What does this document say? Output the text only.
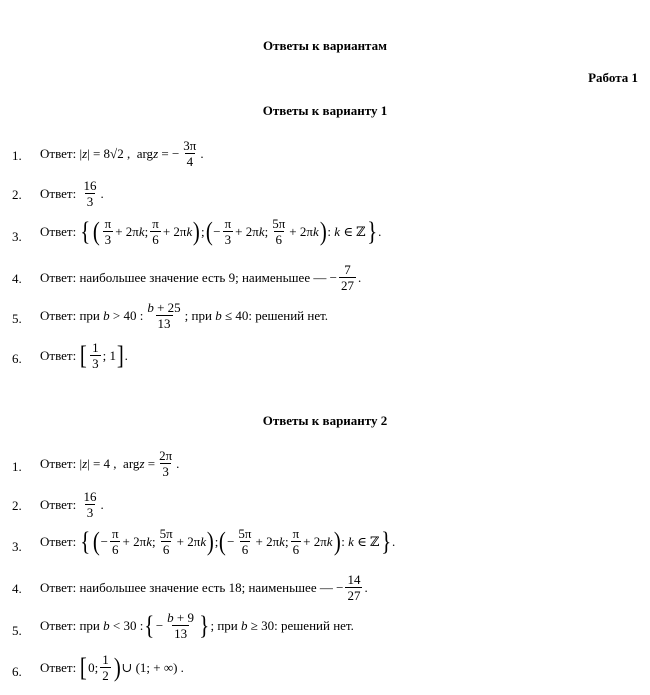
Ответы к вариантам
Работа 1
Ответы к варианту 1
1. Ответ:
|z| = 8√2 ,  argz = − $\frac{3\pi}{4}$ .
2. Ответ:
$\frac{16}{3}$ .
3. Ответ:
{ ( $\frac{\pi}{3} + 2\pi k$; $\frac{\pi}{6} + 2\pi k$ ) ; ( − $\frac{\pi}{3} + 2\pi k$; $\frac{5\pi}{6} + 2\pi k$ ) : k ∈ ℤ } .
4. Ответ:
наибольшее значение есть 9; наименьшее —
− $\frac{7}{27}$ .
5. Ответ:
при
b > 40 : $\frac{b + 25}{13}$ ; при
b ≤ 40 : решений нет.
6. Ответ:
[ $\frac{1}{3}$ ; 1 ] .
Ответы к варианту 2
1. Ответ:
|z| = 4 ,  argz = $\frac{2\pi}{3}$ .
2. Ответ:
$\frac{16}{3}$ .
3. Ответ:
{ ( − $\frac{\pi}{6} + 2\pi k$; $\frac{5\pi}{6} + 2\pi k$ ) ; ( − $\frac{5\pi}{6} + 2\pi k$; $\frac{\pi}{6} + 2\pi k$ ) : k ∈ ℤ } .
4. Ответ:
наибольшее значение есть 18; наименьшее —
− $\frac{14}{27}$ .
5. Ответ:
при
b < 30 : { − $\frac{b + 9}{13}$ } ; при
b ≥ 30 : решений нет.
6. Ответ:
[ 0; $\frac{1}{2}$ ) ∪ (1; + ∞) .
